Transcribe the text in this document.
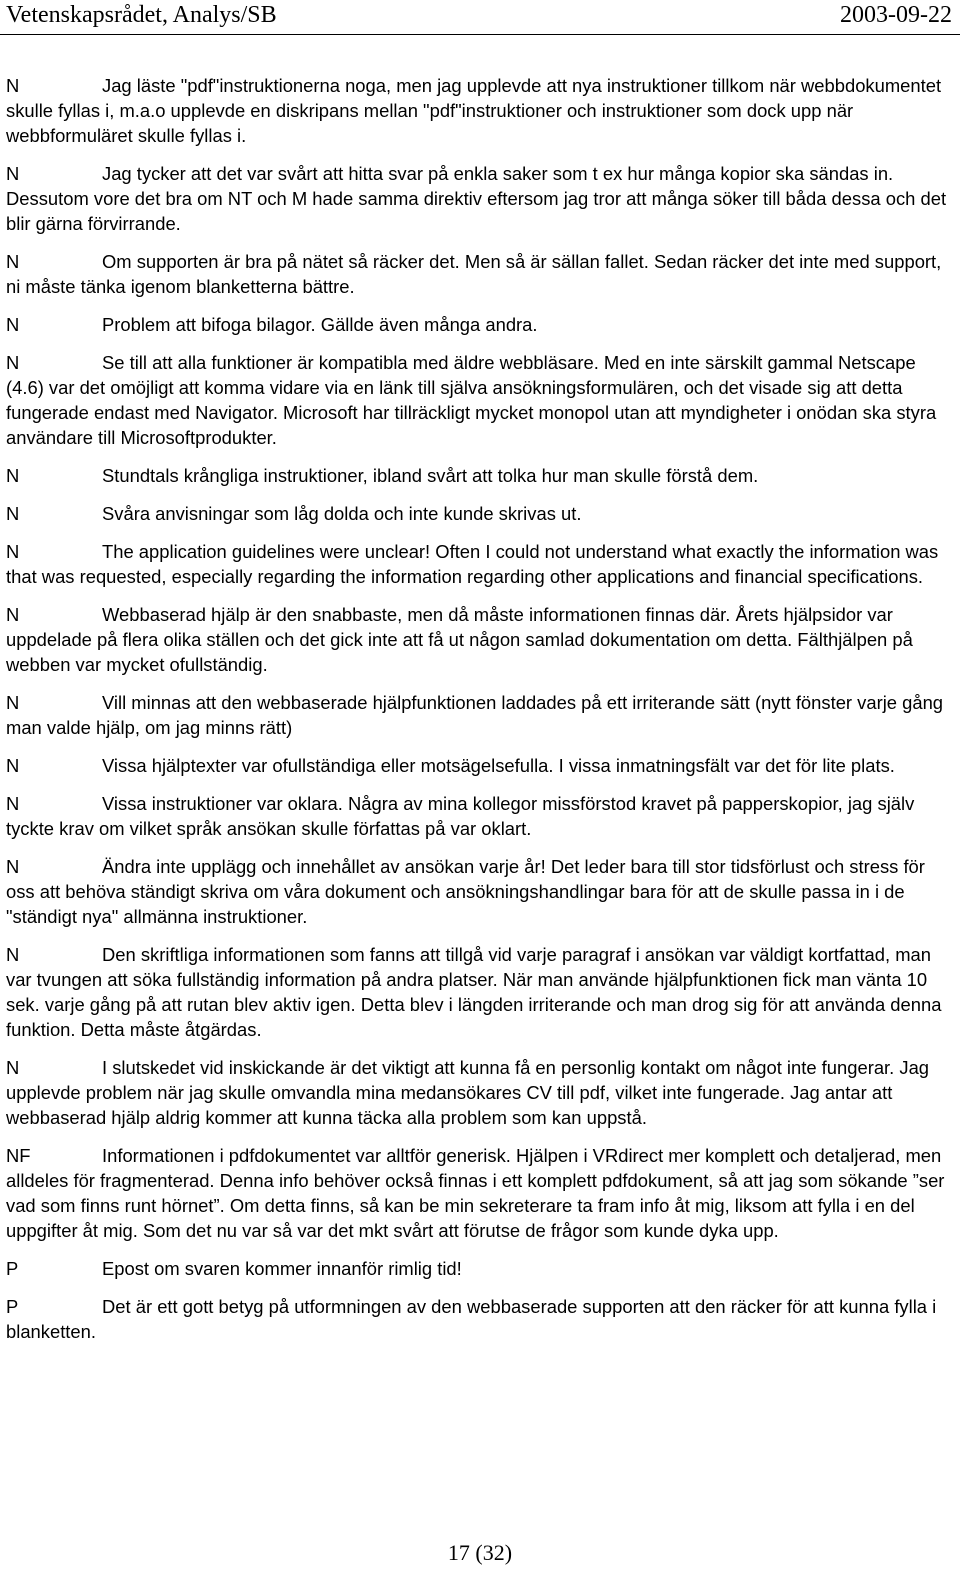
Vetenskapsrådet, Analys/SB	2003-09-22

N	Jag läste "pdf"instruktionerna noga, men jag upplevde att nya instruktioner tillkom när webbdokumentet skulle fyllas i, m.a.o upplevde en diskripans mellan "pdf"instruktioner och instruktioner som dock upp när webbformuläret skulle fyllas i.

N	Jag tycker att det var svårt att hitta svar på enkla saker som t ex hur många kopior ska sändas in. Dessutom vore det bra om NT och M hade samma direktiv eftersom jag tror att många söker till båda dessa och det blir gärna förvirrande.

N	Om supporten är bra på nätet så räcker det. Men så är sällan fallet. Sedan räcker det inte med support, ni måste tänka igenom blanketterna bättre.

N	Problem att bifoga bilagor. Gällde även många andra.

N	Se till att alla funktioner är kompatibla med äldre webbläsare. Med en inte särskilt gammal Netscape (4.6) var det omöjligt att komma vidare via en länk till själva ansökningsformulären, och det visade sig att detta fungerade endast med Navigator. Microsoft har tillräckligt mycket monopol utan att myndigheter i onödan ska styra användare till Microsoftprodukter.

N	Stundtals krångliga instruktioner, ibland svårt att tolka hur man skulle förstå dem.

N	Svåra anvisningar som låg dolda och inte kunde skrivas ut.

N	The application guidelines were unclear! Often I could not understand what exactly the information was that was requested, especially regarding the information regarding other applications and financial specifications.

N	Webbaserad hjälp är den snabbaste, men då måste informationen finnas där. Årets hjälpsidor var uppdelade på flera olika ställen och det gick inte att få ut någon samlad dokumentation om detta. Fälthjälpen på webben var mycket ofullständig.

N	Vill minnas att den webbaserade hjälpfunktionen laddades på ett irriterande sätt (nytt fönster varje gång man valde hjälp, om jag minns rätt)

N	Vissa hjälptexter var ofullständiga eller motsägelsefulla. I vissa inmatningsfält var det för lite plats.

N	Vissa instruktioner var oklara. Några av mina kollegor missförstod kravet på papperskopior, jag själv tyckte krav om vilket språk ansökan skulle författas på var oklart.

N	Ändra inte upplägg och innehållet av ansökan varje år! Det leder bara till stor tidsförlust och stress för oss att behöva ständigt skriva om våra dokument och ansökningshandlingar bara för att de skulle passa in i de "ständigt nya" allmänna instruktioner.

N	Den skriftliga informationen som fanns att tillgå vid varje paragraf i ansökan var väldigt kortfattad, man var tvungen att söka fullständig information på andra platser. När man använde hjälpfunktionen fick man vänta 10 sek. varje gång på att rutan blev aktiv igen. Detta blev i längden irriterande och man drog sig för att använda denna funktion. Detta måste åtgärdas.

N	I slutskedet vid inskickande är det viktigt att kunna få en personlig kontakt om något inte fungerar. Jag upplevde problem när jag skulle omvandla mina medansökares CV till pdf, vilket inte fungerade. Jag antar att webbaserad hjälp aldrig kommer att kunna täcka alla problem som kan uppstå.

NF	Informationen i pdfdokumentet var alltför generisk. Hjälpen i VRdirect mer komplett och detaljerad, men alldeles för fragmenterad. Denna info behöver också finnas i ett komplett pdfdokument, så att jag som sökande ”ser vad som finns runt hörnet”. Om detta finns, så kan be min sekreterare ta fram info åt mig, liksom att fylla i en del uppgifter åt mig. Som det nu var så var det mkt svårt att förutse de frågor som kunde dyka upp.

P	Epost om svaren kommer innanför rimlig tid!

P	Det är ett gott betyg på utformningen av den webbaserade supporten att den räcker för att kunna fylla i blanketten.

17 (32)
